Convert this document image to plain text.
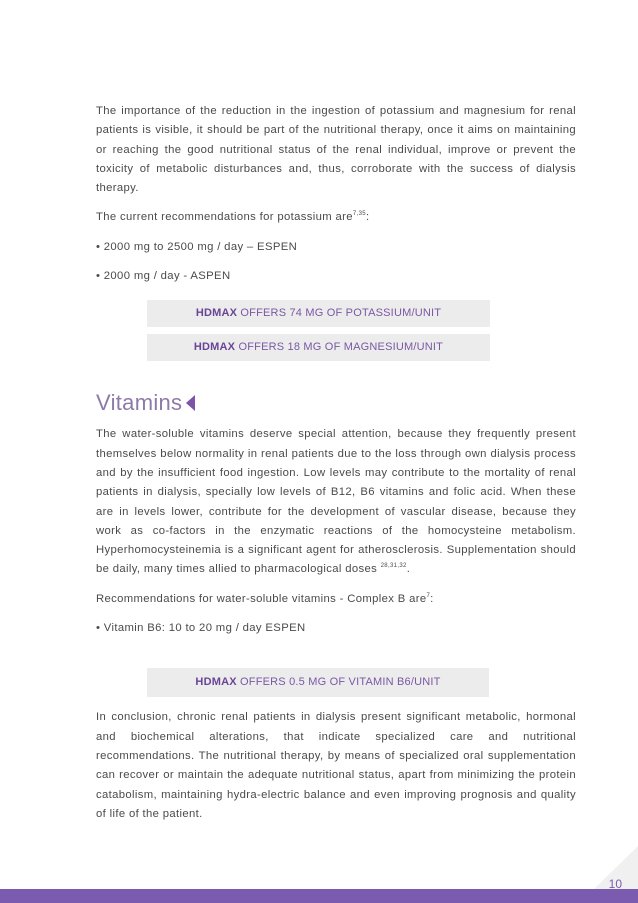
The importance of the reduction in the ingestion of potassium and magnesium for renal patients is visible, it should be part of the nutritional therapy, once it aims on maintaining or reaching the good nutritional status of the renal individual, improve or prevent the toxicity of metabolic disturbances and, thus, corroborate with the success of dialysis therapy.

The current recommendations for potassium are$^{7,35}$:

• 2000 mg to 2500 mg / day – ESPEN

• 2000 mg / day - ASPEN

HDMAX OFFERS 74 MG OF POTASSIUM/UNIT
HDMAX OFFERS 18 MG OF MAGNESIUM/UNIT
Vitamins

The water-soluble vitamins deserve special attention, because they frequently present themselves below normality in renal patients due to the loss through own dialysis process and by the insufficient food ingestion. Low levels may contribute to the mortality of renal patients in dialysis, specially low levels of B12, B6 vitamins and folic acid. When these are in levels lower, contribute for the development of vascular disease, because they work as co-factors in the enzymatic reactions of the homocysteine metabolism. Hyperhomocysteinemia is a significant agent for atherosclerosis. Supplementation should be daily, many times allied to pharmacological doses $^{28,31,32}$.

Recommendations for water-soluble vitamins - Complex B are$^7$:

• Vitamin B6: 10 to 20 mg / day ESPEN

HDMAX OFFERS 0.5 MG OF VITAMIN B6/UNIT

In conclusion, chronic renal patients in dialysis present significant metabolic, hormonal and biochemical alterations, that indicate specialized care and nutritional recommendations. The nutritional therapy, by means of specialized oral supplementation can recover or maintain the adequate nutritional status, apart from minimizing the protein catabolism, maintaining hydra-electric balance and even improving prognosis and quality of life of the patient.

10
